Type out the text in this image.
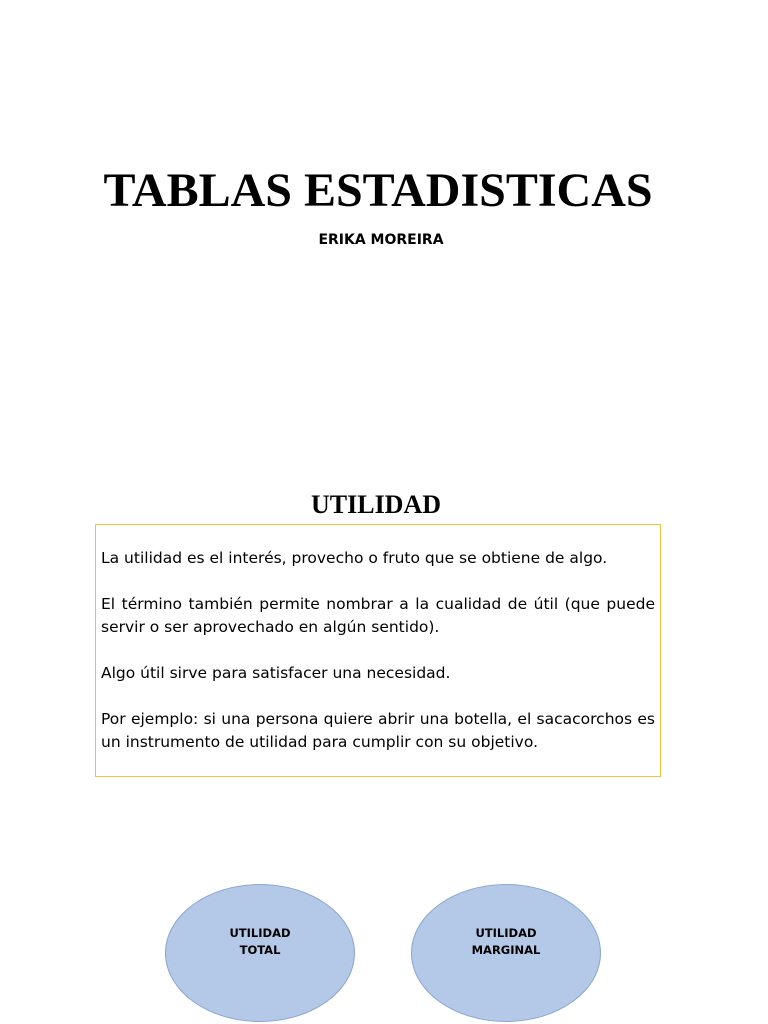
TABLAS ESTADISTICAS
ERIKA MOREIRA
UTILIDAD

La utilidad es el interés, provecho o fruto que se obtiene de algo.

El término también permite nombrar a la cualidad de útil (que puede servir o ser aprovechado en algún sentido).

Algo útil sirve para satisfacer una necesidad.

Por ejemplo: si una persona quiere abrir una botella, el sacacorchos es un instrumento de utilidad para cumplir con su objetivo.

UTILIDAD
TOTAL
UTILIDAD
MARGINAL
